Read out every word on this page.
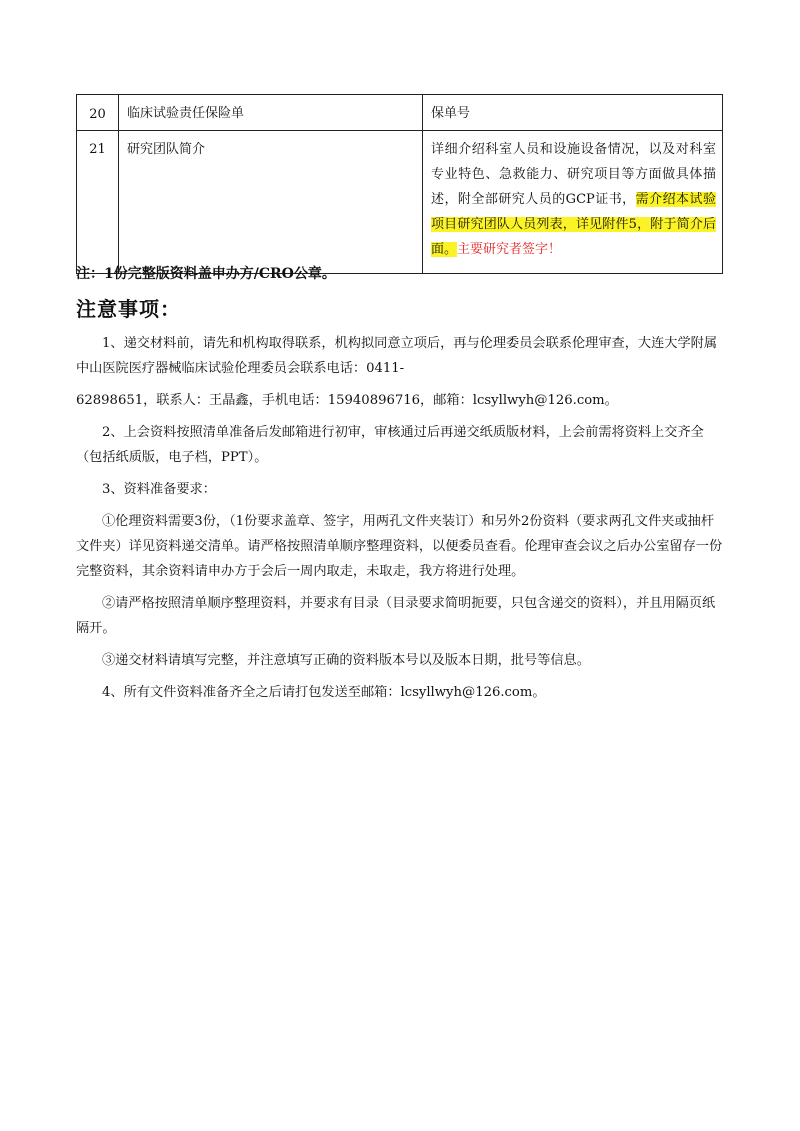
20	临床试验责任保险单	保单号
21	研究团队简介	详细介绍科室人员和设施设备情况，以及对科室专业特色、急救能力、研究项目等方面做具体描述，附全部研究人员的GCP证书，需介绍本试验项目研究团队人员列表，详见附件5，附于简介后面。主要研究者签字！
注：1份完整版资料盖申办方/CRO公章。
注意事项：

1、递交材料前，请先和机构取得联系，机构拟同意立项后，再与伦理委员会联系伦理审查，大连大学附属中山医院医疗器械临床试验伦理委员会联系电话：0411-

62898651，联系人：王晶鑫，手机电话：15940896716，邮箱：lcsyllwyh@126.com。

2、上会资料按照清单准备后发邮箱进行初审，审核通过后再递交纸质版材料，上会前需将资料上交齐全（包括纸质版，电子档，PPT）。

3、资料准备要求：

①伦理资料需要3份，（1份要求盖章、签字，用两孔文件夹装订）和另外2份资料（要求两孔文件夹或抽杆文件夹）详见资料递交清单。请严格按照清单顺序整理资料，以便委员查看。伦理审查会议之后办公室留存一份完整资料，其余资料请申办方于会后一周内取走，未取走，我方将进行处理。

②请严格按照清单顺序整理资料，并要求有目录（目录要求简明扼要，只包含递交的资料），并且用隔页纸隔开。

③递交材料请填写完整，并注意填写正确的资料版本号以及版本日期，批号等信息。

4、所有文件资料准备齐全之后请打包发送至邮箱：lcsyllwyh@126.com。
